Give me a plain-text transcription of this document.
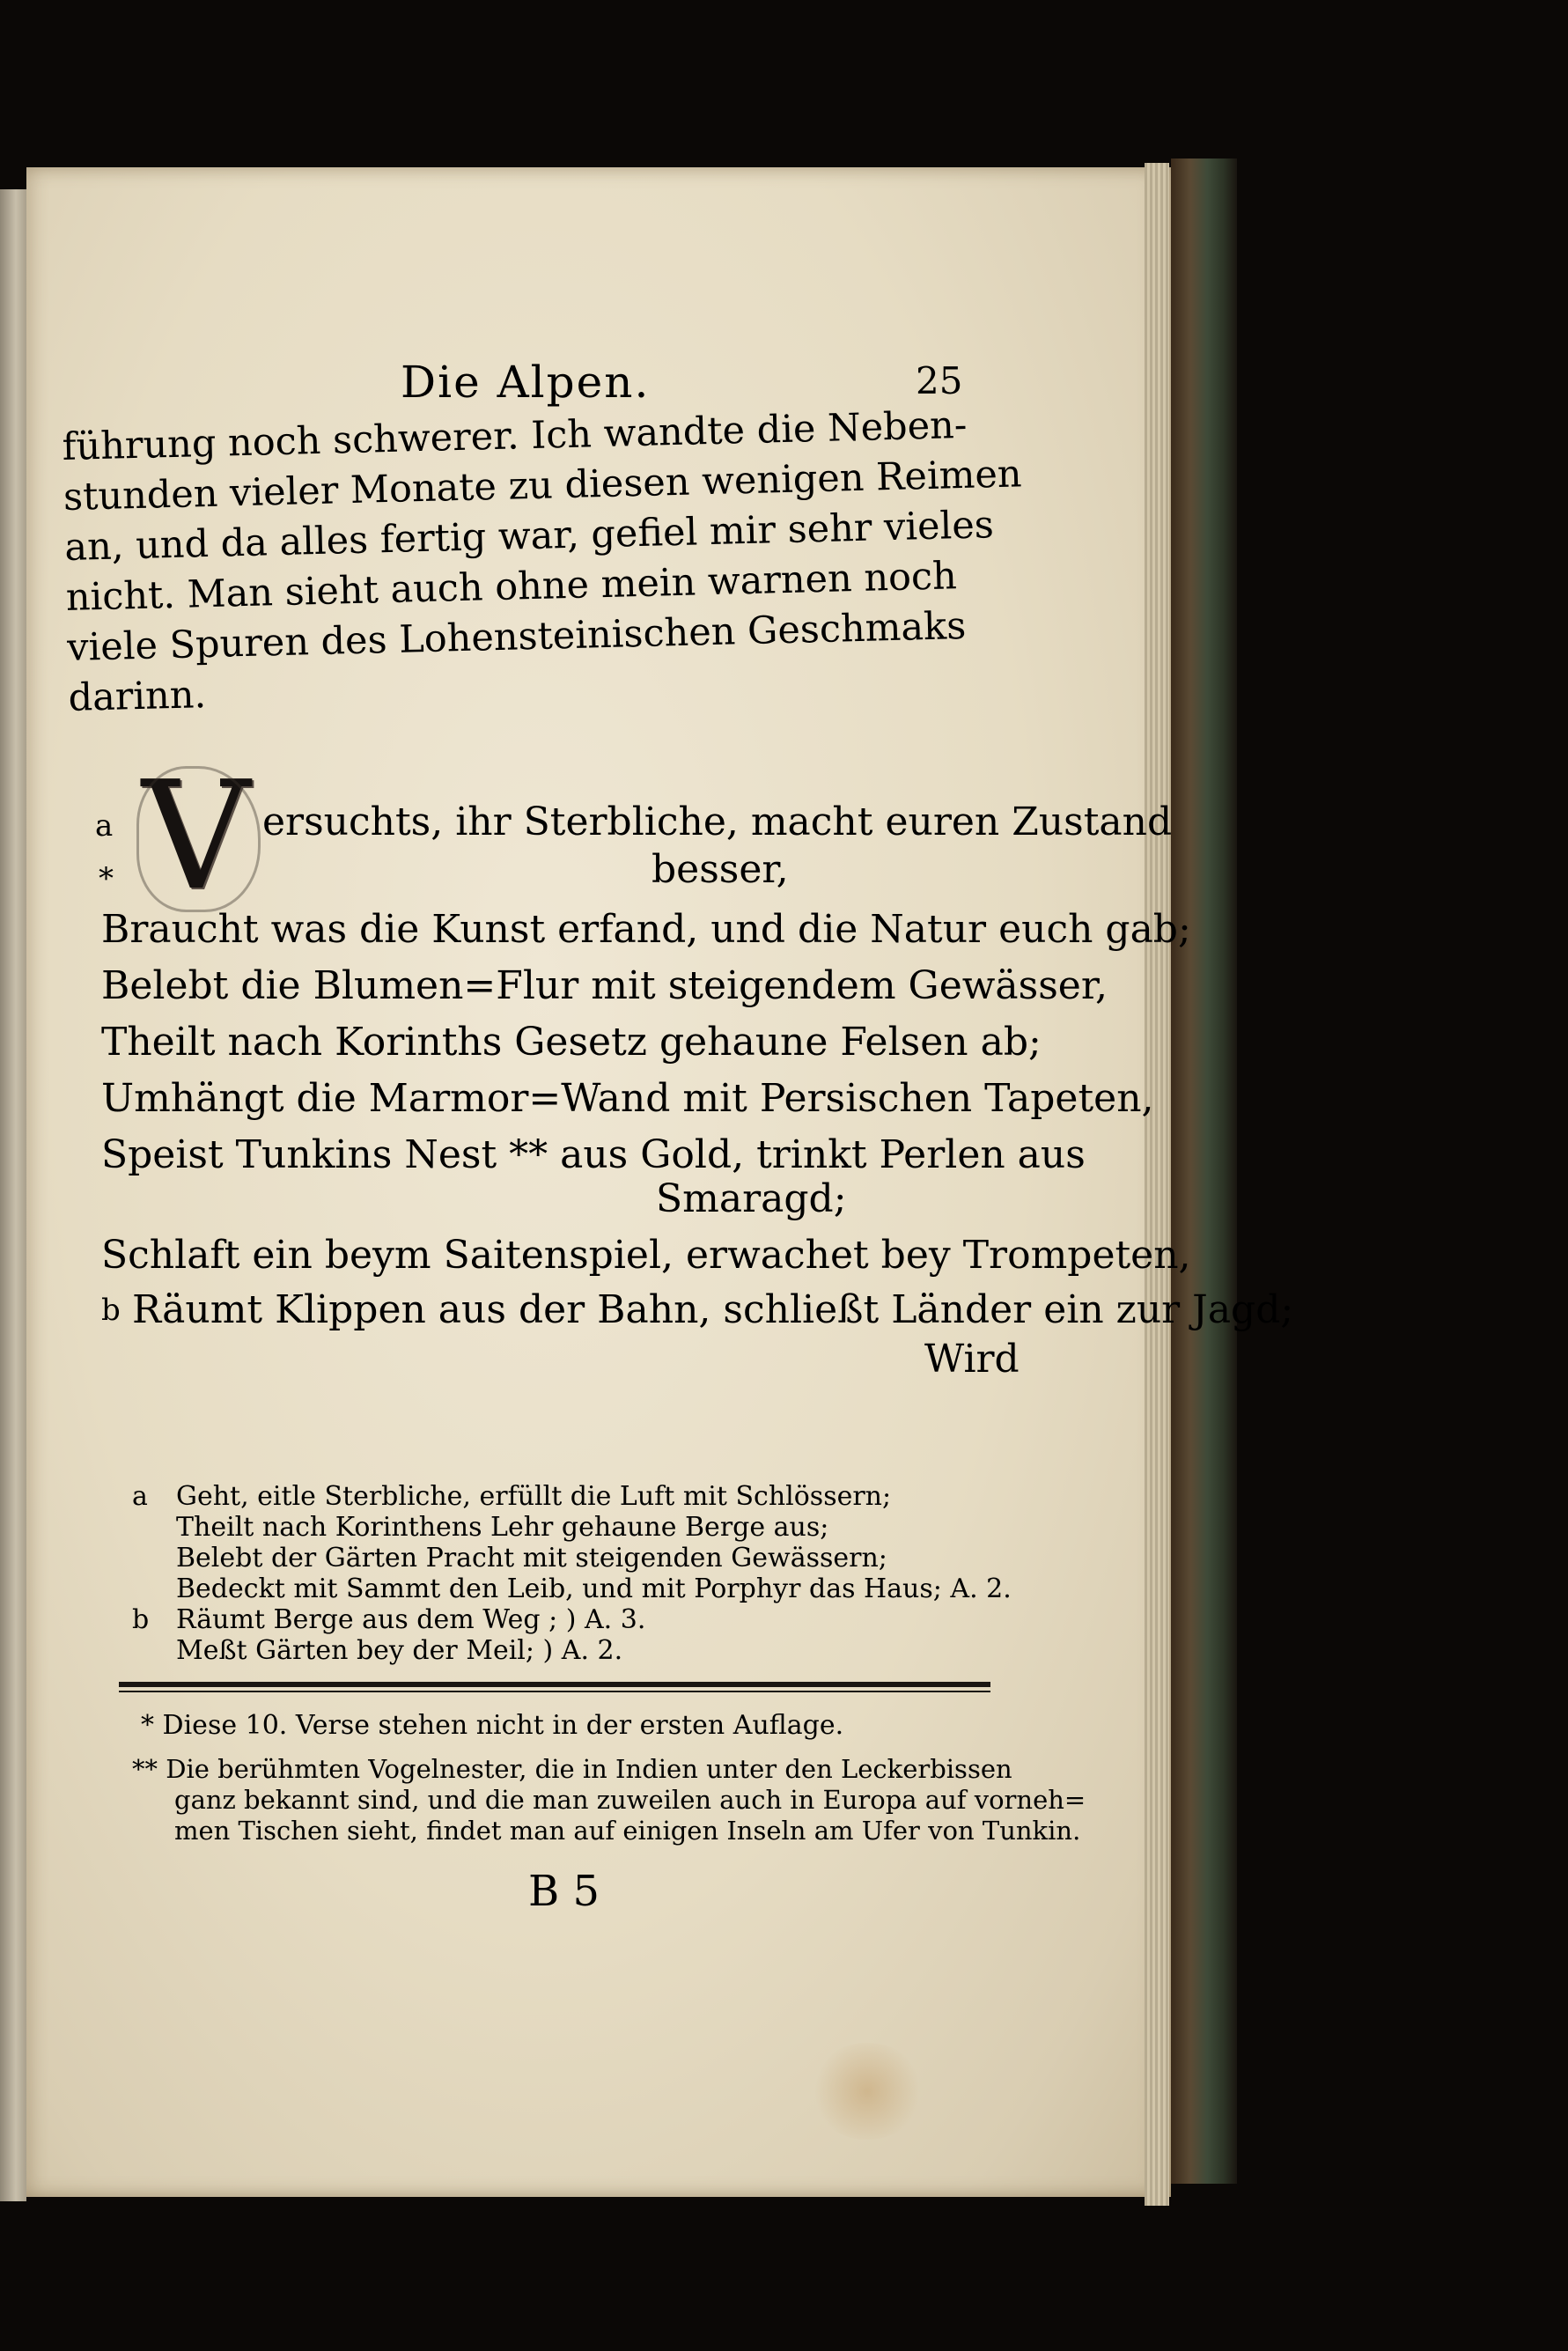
Die Alpen.	25
führung noch schwerer. Ich wandte die Neben-
stunden vieler Monate zu diesen wenigen Reimen
an, und da alles fertig war, gefiel mir sehr vieles
nicht. Man sieht auch ohne mein warnen noch
viele Spuren des Lohensteinischen Geschmaks
darinn.
a
* V ersuchts, ihr Sterbliche, macht euren Zustand
besser,
Braucht was die Kunst erfand, und die Natur euch gab;
Belebt die Blumen=Flur mit steigendem Gewässer,
Theilt nach Korinths Gesetz gehaune Felsen ab;
Umhängt die Marmor=Wand mit Persischen Tapeten,
Speist Tunkins Nest ** aus Gold, trinkt Perlen aus
Smaragd;
Schlaft ein beym Saitenspiel, erwachet bey Trompeten,
b Räumt Klippen aus der Bahn, schließt Länder ein zur Jagd;
Wird
a Geht, eitle Sterbliche, erfüllt die Luft mit Schlössern;
Theilt nach Korinthens Lehr gehaune Berge aus;
Belebt der Gärten Pracht mit steigenden Gewässern;
Bedeckt mit Sammt den Leib, und mit Porphyr das Haus; A. 2.
b Räumt Berge aus dem Weg ; ) A. 3.
Meßt Gärten bey der Meil; ) A. 2.
* Diese 10. Verse stehen nicht in der ersten Auflage.
** Die berühmten Vogelnester, die in Indien unter den Leckerbissen
ganz bekannt sind, und die man zuweilen auch in Europa auf vorneh=
men Tischen sieht, findet man auf einigen Inseln am Ufer von Tunkin.
B 5
